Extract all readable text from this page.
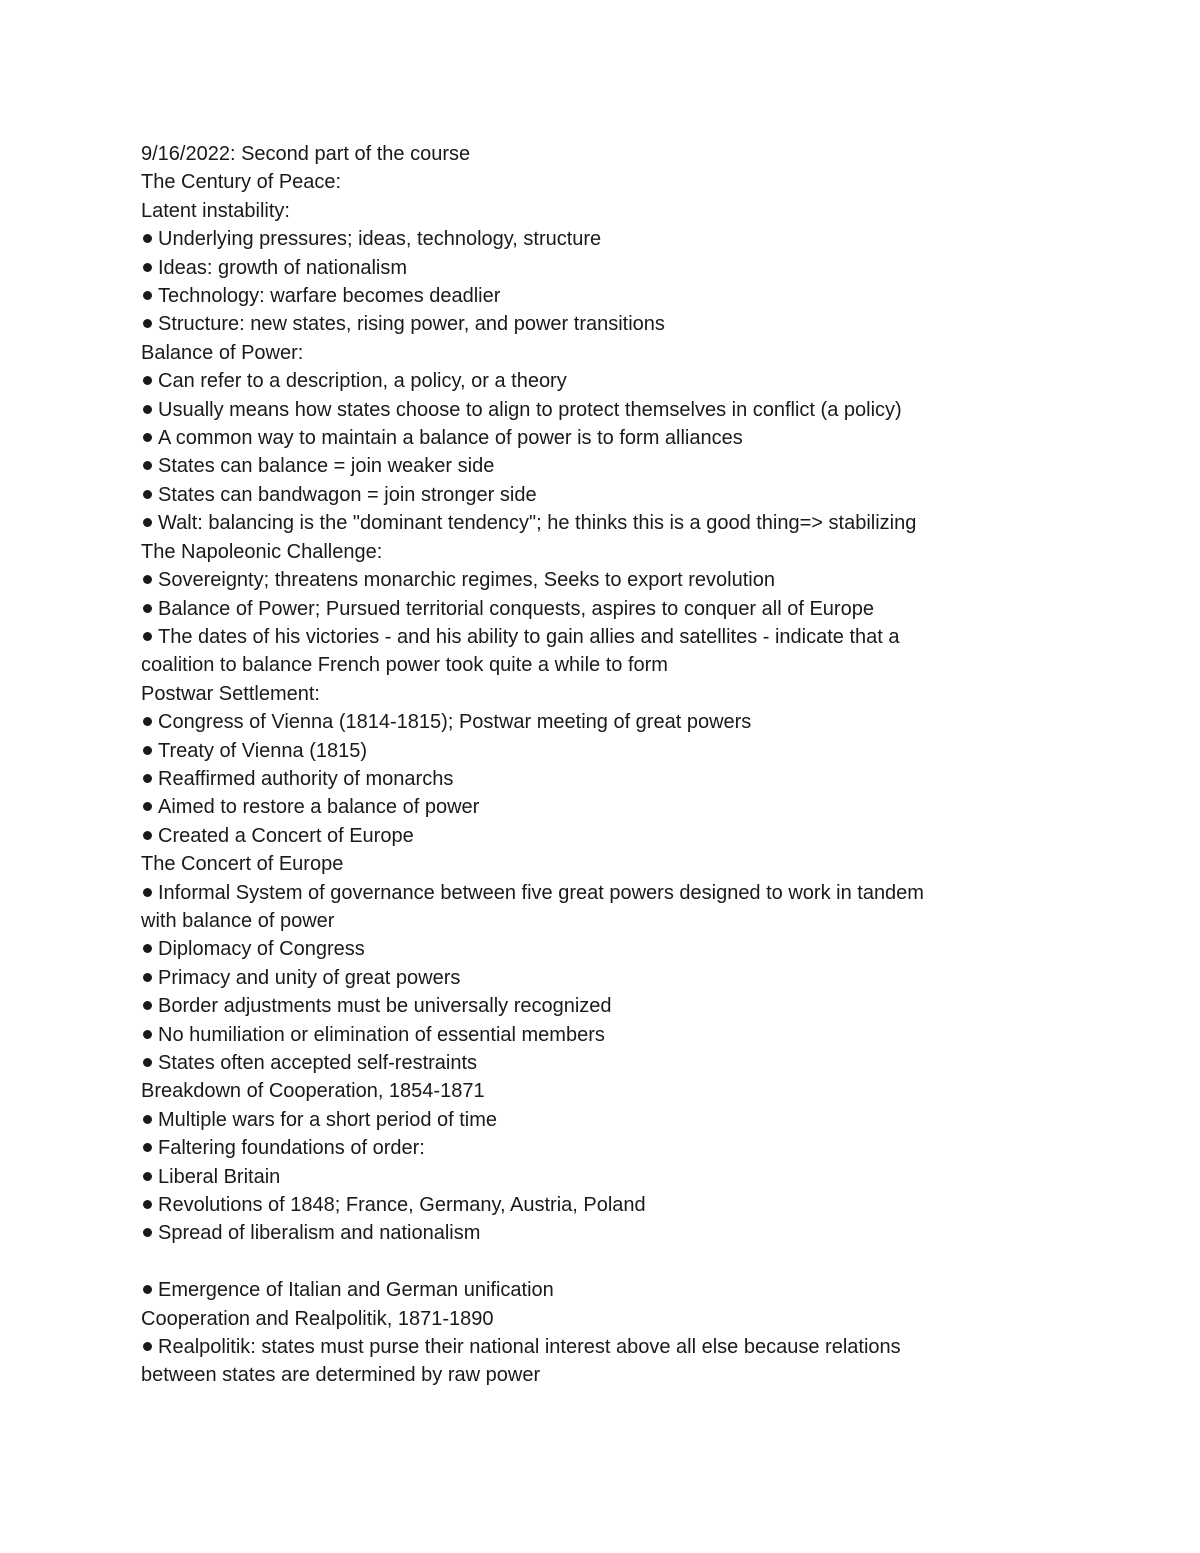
9/16/2022: Second part of the course
The Century of Peace:
Latent instability:
Underlying pressures; ideas, technology, structure
Ideas: growth of nationalism
Technology: warfare becomes deadlier
Structure: new states, rising power, and power transitions
Balance of Power:
Can refer to a description, a policy, or a theory
Usually means how states choose to align to protect themselves in conflict (a policy)
A common way to maintain a balance of power is to form alliances
States can balance = join weaker side
States can bandwagon = join stronger side
Walt: balancing is the "dominant tendency"; he thinks this is a good thing=> stabilizing
The Napoleonic Challenge:
Sovereignty; threatens monarchic regimes, Seeks to export revolution
Balance of Power; Pursued territorial conquests, aspires to conquer all of Europe
The dates of his victories - and his ability to gain allies and satellites - indicate that a
coalition to balance French power took quite a while to form
Postwar Settlement:
Congress of Vienna (1814-1815); Postwar meeting of great powers
Treaty of Vienna (1815)
Reaffirmed authority of monarchs
Aimed to restore a balance of power
Created a Concert of Europe
The Concert of Europe
Informal System of governance between five great powers designed to work in tandem
with balance of power
Diplomacy of Congress
Primacy and unity of great powers
Border adjustments must be universally recognized
No humiliation or elimination of essential members
States often accepted self-restraints
Breakdown of Cooperation, 1854-1871
Multiple wars for a short period of time
Faltering foundations of order:
Liberal Britain
Revolutions of 1848; France, Germany, Austria, Poland
Spread of liberalism and nationalism
Emergence of Italian and German unification
Cooperation and Realpolitik, 1871-1890
Realpolitik: states must purse their national interest above all else because relations
between states are determined by raw power
